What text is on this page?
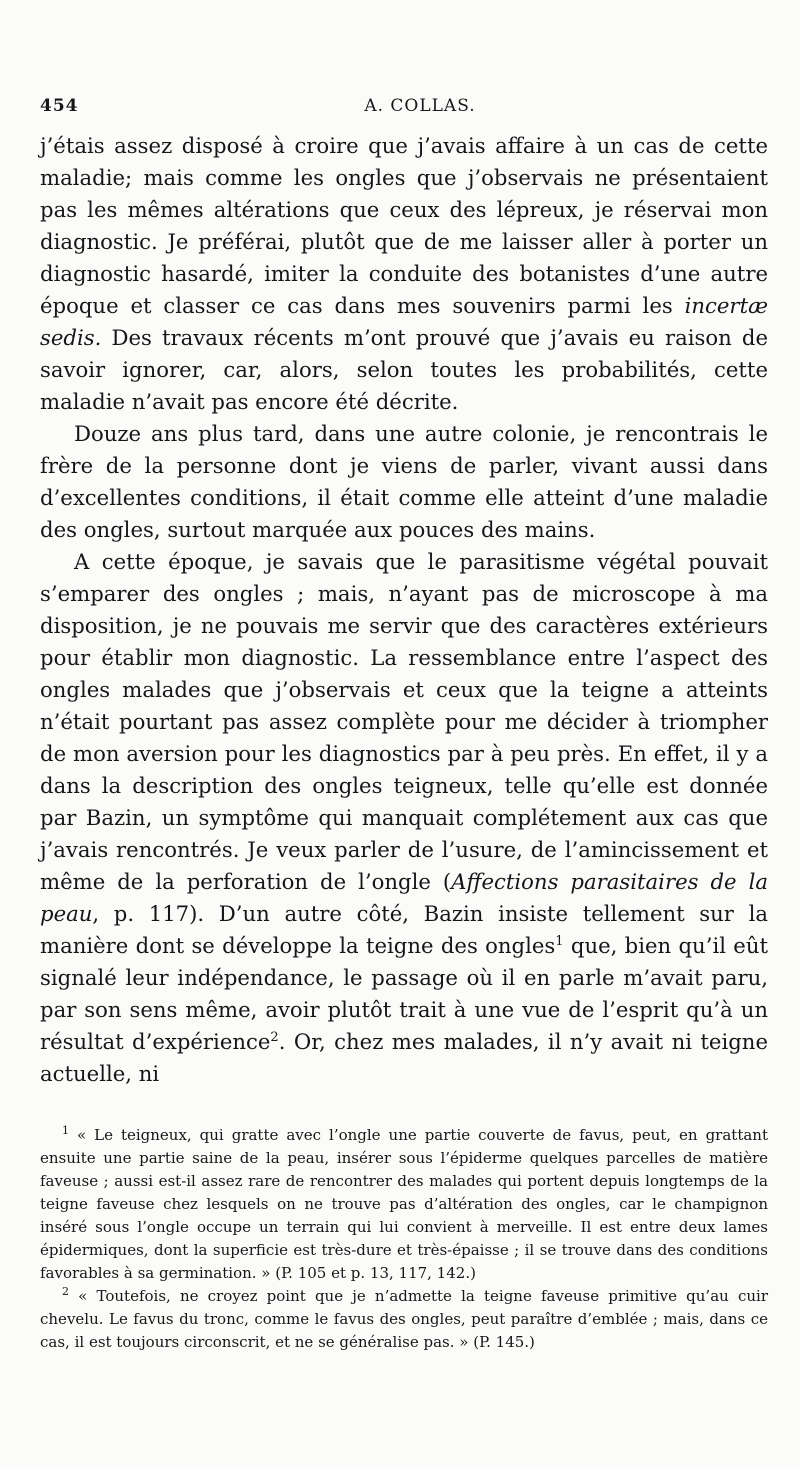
454	A. COLLAS.

j’étais assez disposé à croire que j’avais affaire à un cas de cette maladie; mais comme les ongles que j’observais ne présentaient pas les mêmes altérations que ceux des lépreux, je réservai mon diagnostic. Je préférai, plutôt que de me laisser aller à porter un diagnostic hasardé, imiter la conduite des botanistes d’une autre époque et classer ce cas dans mes souvenirs parmi les incertæ sedis. Des travaux récents m’ont prouvé que j’avais eu raison de savoir ignorer, car, alors, selon toutes les probabilités, cette maladie n’avait pas encore été décrite.

Douze ans plus tard, dans une autre colonie, je rencontrais le frère de la personne dont je viens de parler, vivant aussi dans d’excellentes conditions, il était comme elle atteint d’une maladie des ongles, surtout marquée aux pouces des mains.

A cette époque, je savais que le parasitisme végétal pouvait s’emparer des ongles ; mais, n’ayant pas de microscope à ma disposition, je ne pouvais me servir que des caractères extérieurs pour établir mon diagnostic. La ressemblance entre l’aspect des ongles malades que j’observais et ceux que la teigne a atteints n’était pourtant pas assez complète pour me décider à triompher de mon aversion pour les diagnostics par à peu près. En effet, il y a dans la description des ongles teigneux, telle qu’elle est donnée par Bazin, un symptôme qui manquait complétement aux cas que j’avais rencontrés. Je veux parler de l’usure, de l’amincissement et même de la perforation de l’ongle (Affections parasitaires de la peau, p. 117). D’un autre côté, Bazin insiste tellement sur la manière dont se développe la teigne des ongles$^1$ que, bien qu’il eût signalé leur indépendance, le passage où il en parle m’avait paru, par son sens même, avoir plutôt trait à une vue de l’esprit qu’à un résultat d’expérience$^2$. Or, chez mes malades, il n’y avait ni teigne actuelle, ni

$^1$ « Le teigneux, qui gratte avec l’ongle une partie couverte de favus, peut, en grattant ensuite une partie saine de la peau, insérer sous l’épiderme quelques parcelles de matière faveuse ; aussi est-il assez rare de rencontrer des malades qui portent depuis longtemps de la teigne faveuse chez lesquels on ne trouve pas d’altération des ongles, car le champignon inséré sous l’ongle occupe un terrain qui lui convient à merveille. Il est entre deux lames épidermiques, dont la superficie est très-dure et très-épaisse ; il se trouve dans des conditions favorables à sa germination. » (P. 105 et p. 13, 117, 142.)

$^2$ « Toutefois, ne croyez point que je n’admette la teigne faveuse primitive qu’au cuir chevelu. Le favus du tronc, comme le favus des ongles, peut paraître d’emblée ; mais, dans ce cas, il est toujours circonscrit, et ne se généralise pas. » (P. 145.)
